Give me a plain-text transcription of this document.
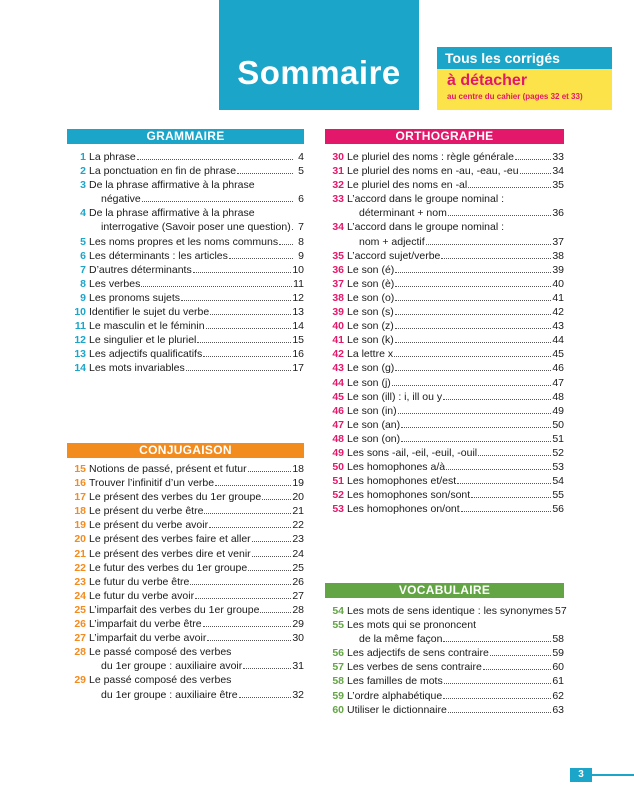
Sommaire	Tous les corrigés
à détacher
au centre du cahier (pages 32 et 33)
GRAMMAIRE
1 La phrase	4
2 La ponctuation en fin de phrase	5
3 De la phrase affirmative à la phrase
négative	6
4 De la phrase affirmative à la phrase
interrogative (Savoir poser une question) 7
5 Les noms propres et les noms communs	8
6 Les déterminants : les articles	9
7 D’autres déterminants	10
8 Les verbes	11
9 Les pronoms sujets	12
10 Identifier le sujet du verbe	13
11 Le masculin et le féminin	14
12 Le singulier et le pluriel	15
13 Les adjectifs qualificatifs	16
14 Les mots invariables	17
CONJUGAISON
15 Notions de passé, présent et futur	18
16 Trouver l’infinitif d’un verbe	19
17 Le présent des verbes du 1er groupe	20
18 Le présent du verbe être	21
19 Le présent du verbe avoir	22
20 Le présent des verbes faire et aller	23
21 Le présent des verbes dire et venir	24
22 Le futur des verbes du 1er groupe	25
23 Le futur du verbe être	26
24 Le futur du verbe avoir	27
25 L’imparfait des verbes du 1er groupe	28
26 L’imparfait du verbe être	29
27 L’imparfait du verbe avoir	30
28 Le passé composé des verbes
du 1er groupe : auxiliaire avoir	31
29 Le passé composé des verbes
du 1er groupe : auxiliaire être	32
ORTHOGRAPHE
30 Le pluriel des noms : règle générale	33
31 Le pluriel des noms en -au, -eau, -eu	34
32 Le pluriel des noms en -al	35
33 L’accord dans le groupe nominal :
déterminant + nom	36
34 L’accord dans le groupe nominal :
nom + adjectif	37
35 L’accord sujet/verbe	38
36 Le son (é)	39
37 Le son (è)	40
38 Le son (o)	41
39 Le son (s)	42
40 Le son (z)	43
41 Le son (k)	44
42 La lettre x	45
43 Le son (g)	46
44 Le son (j)	47
45 Le son (ill) : i, ill ou y	48
46 Le son (in)	49
47 Le son (an)	50
48 Le son (on)	51
49 Les sons -ail, -eil, -euil, -ouil	52
50 Les homophones a/à	53
51 Les homophones et/est	54
52 Les homophones son/sont	55
53 Les homophones on/ont	56
VOCABULAIRE
54 Les mots de sens identique : les synonymes 57
55 Les mots qui se prononcent
de la même façon	58
56 Les adjectifs de sens contraire	59
57 Les verbes de sens contraire	60
58 Les familles de mots	61
59 L’ordre alphabétique	62
60 Utiliser le dictionnaire	63
3
